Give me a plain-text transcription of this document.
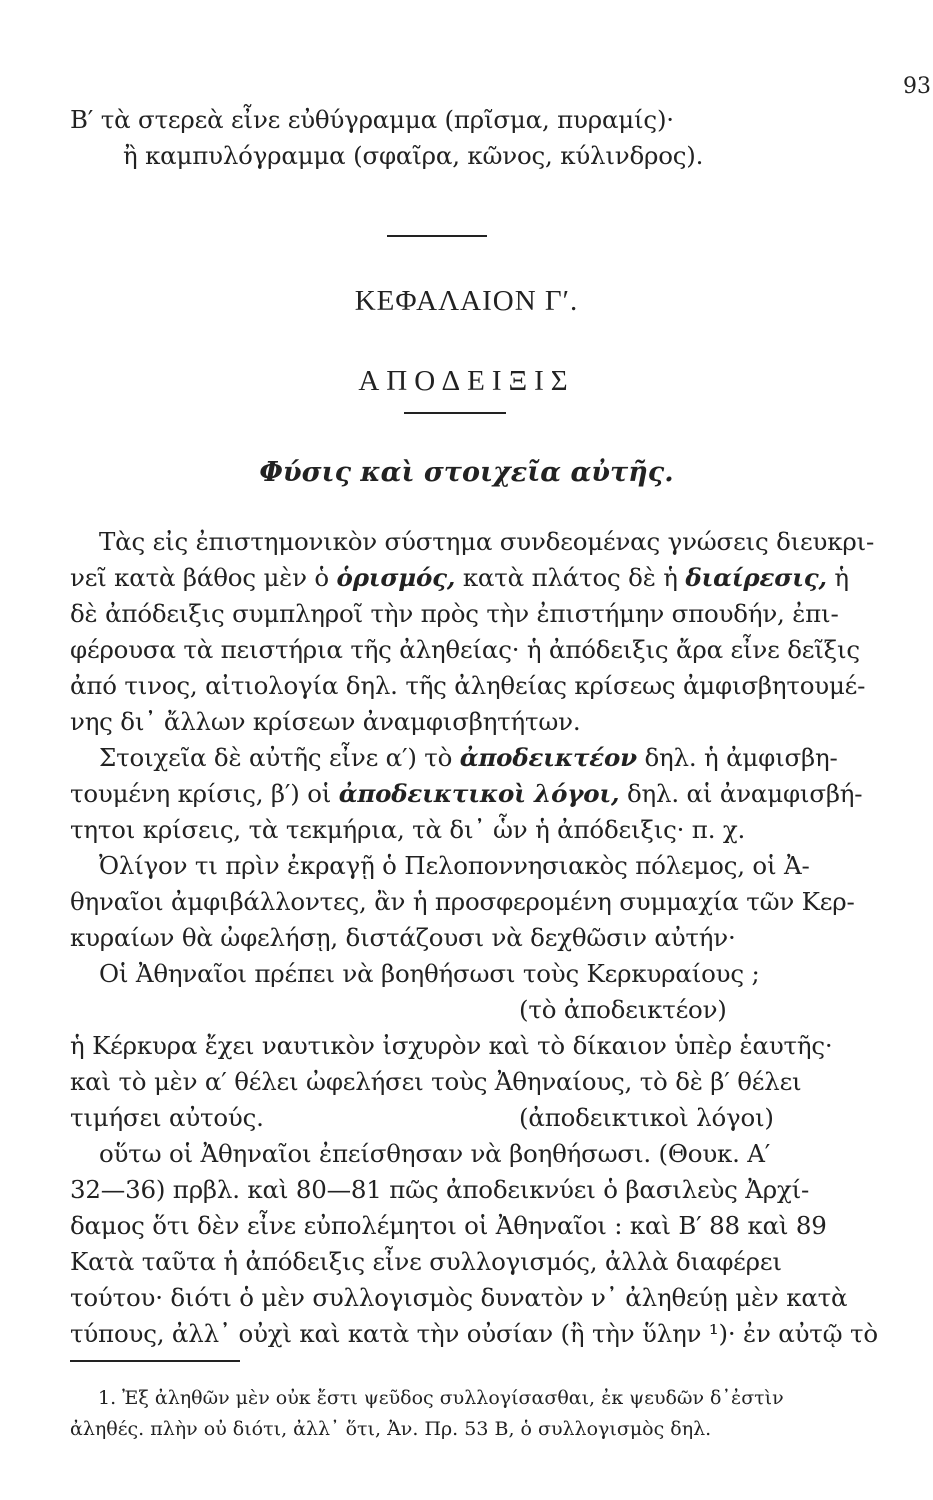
93
Β′ τὰ στερεὰ εἶνε εὐθύγραμμα (πρῖσμα, πυραμίς)·
ἢ καμπυλόγραμμα (σφαῖρα, κῶνος, κύλινδρος).
ΚΕΦΑΛΑΙΟΝ Γ′.
ΑΠΟΔΕΙΞΙΣ
Φύσις καὶ στοιχεῖα αὐτῆς.
Τὰς εἰς ἐπιστημονικὸν σύστημα συνδεομένας γνώσεις διευκρι-
νεῖ κατὰ βάθος μὲν ὁ ὁρισμός, κατὰ πλάτος δὲ ἡ διαίρεσις, ἡ
δὲ ἀπόδειξις συμπληροῖ τὴν πρὸς τὴν ἐπιστήμην σπουδήν, ἐπι-
φέρουσα τὰ πειστήρια τῆς ἀληθείας· ἡ ἀπόδειξις ἄρα εἶνε δεῖξις
ἀπό τινος, αἰτιολογία δηλ. τῆς ἀληθείας κρίσεως ἀμφισβητουμέ-
νης δι᾽ ἄλλων κρίσεων ἀναμφισβητήτων.
Στοιχεῖα δὲ αὐτῆς εἶνε α′) τὸ ἀποδεικτέον δηλ. ἡ ἀμφισβη-
τουμένη κρίσις, β′) οἱ ἀποδεικτικοὶ λόγοι, δηλ. αἱ ἀναμφισβή-
τητοι κρίσεις, τὰ τεκμήρια, τὰ δι᾽ ὧν ἡ ἀπόδειξις· π. χ.
Ὀλίγον τι πρὶν ἐκραγῇ ὁ Πελοποννησιακὸς πόλεμος, οἱ Ἀ-
θηναῖοι ἀμφιβάλλοντες, ἂν ἡ προσφερομένη συμμαχία τῶν Κερ-
κυραίων θὰ ὠφελήσῃ, διστάζουσι νὰ δεχθῶσιν αὐτήν·
Οἱ Ἀθηναῖοι πρέπει νὰ βοηθήσωσι τοὺς Κερκυραίους ;
(τὸ ἀποδεικτέον)
ἡ Κέρκυρα ἔχει ναυτικὸν ἰσχυρὸν καὶ τὸ δίκαιον ὑπὲρ ἑαυτῆς·
καὶ τὸ μὲν α′ θέλει ὠφελήσει τοὺς Ἀθηναίους, τὸ δὲ β′ θέλει
τιμήσει αὐτούς.	(ἀποδεικτικοὶ λόγοι)
οὕτω οἱ Ἀθηναῖοι ἐπείσθησαν νὰ βοηθήσωσι. (Θουκ. Α′
32—36) πρβλ. καὶ 80—81 πῶς ἀποδεικνύει ὁ βασιλεὺς Ἀρχί-
δαμος ὅτι δὲν εἶνε εὐπολέμητοι οἱ Ἀθηναῖοι : καὶ Β′ 88 καὶ 89
Κατὰ ταῦτα ἡ ἀπόδειξις εἶνε συλλογισμός, ἀλλὰ διαφέρει
τούτου· διότι ὁ μὲν συλλογισμὸς δυνατὸν ν᾽ ἀληθεύῃ μὲν κατὰ
τύπους, ἀλλ᾽ οὐχὶ καὶ κατὰ τὴν οὐσίαν (ἢ τὴν ὕλην ¹)· ἐν αὐτῷ τὸ
1. Ἐξ ἀληθῶν μὲν οὐκ ἔστι ψεῦδος συλλογίσασθαι, ἐκ ψευδῶν δ᾽ἐστὶν
ἀληθές. πλὴν οὐ διότι, ἀλλ᾽ ὅτι, Ἀν. Πρ. 53 Β, ὁ συλλογισμὸς δηλ.
